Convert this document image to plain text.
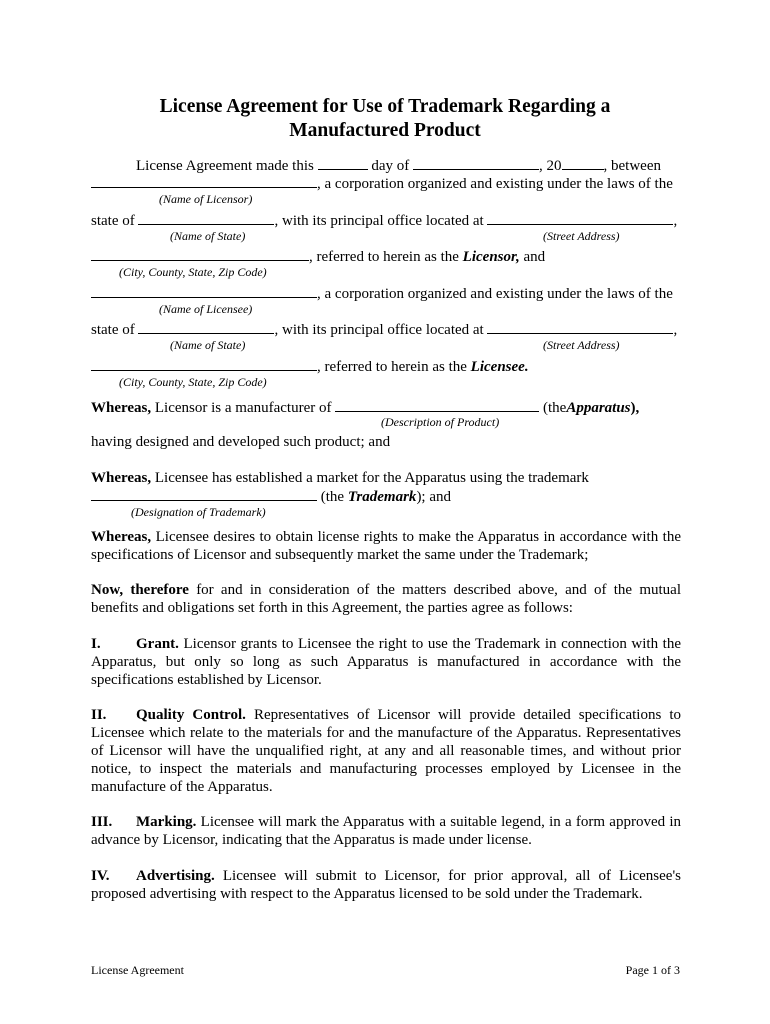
License Agreement for Use of Trademark Regarding a
Manufactured Product
License Agreement made this	day of	, 20	, between
, a corporation organized and existing under the laws of the
(Name of Licensor)
state of	, with its principal office located at	,
(Name of State)	(Street Address)
, referred to herein as the Licensor, and
(City, County, State, Zip Code)
, a corporation organized and existing under the laws of the
(Name of Licensee)
state of	, with its principal office located at	,
(Name of State)	(Street Address)
, referred to herein as the Licensee.
(City, County, State, Zip Code)
Whereas, Licensor is a manufacturer of	(theApparatus),
(Description of Product)
having designed and developed such product; and
Whereas, Licensee has established a market for the Apparatus using the trademark
(the Trademark); and
(Designation of Trademark)
Whereas, Licensee desires to obtain license rights to make the Apparatus in accordance with the specifications of Licensor and subsequently market the same under the Trademark;
Now, therefore for and in consideration of the matters described above, and of the mutual benefits and obligations set forth in this Agreement, the parties agree as follows:
I. Grant. Licensor grants to Licensee the right to use the Trademark in connection with the Apparatus, but only so long as such Apparatus is manufactured in accordance with the specifications established by Licensor.
II. Quality Control. Representatives of Licensor will provide detailed specifications to Licensee which relate to the materials for and the manufacture of the Apparatus. Representatives of Licensor will have the unqualified right, at any and all reasonable times, and without prior notice, to inspect the materials and manufacturing processes employed by Licensee in the manufacture of the Apparatus.
III. Marking. Licensee will mark the Apparatus with a suitable legend, in a form approved in advance by Licensor, indicating that the Apparatus is made under license.
IV. Advertising. Licensee will submit to Licensor, for prior approval, all of Licensee's proposed advertising with respect to the Apparatus licensed to be sold under the Trademark.
License Agreement	Page 1 of 3
